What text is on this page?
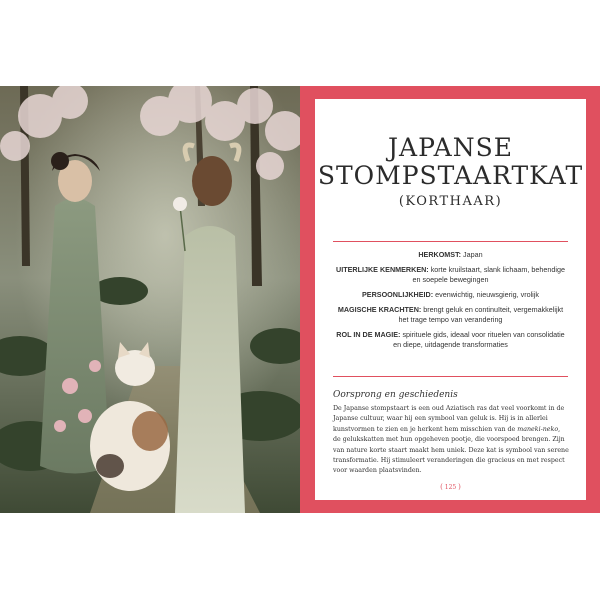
JAPANSE
STOMPSTAARTKAT
(KORTHAAR)
HERKOMST: Japan
UITERLIJKE KENMERKEN: korte kruilstaart, slank lichaam, behendige en soepele bewegingen
PERSOONLIJKHEID: evenwichtig, nieuwsgierig, vrolijk
MAGISCHE KRACHTEN: brengt geluk en continuïteit, vergemakkelijkt het trage tempo van verandering
ROL IN DE MAGIE: spirituele gids, ideaal voor rituelen van consolidatie en diepe, uitdagende transformaties
Oorsprong en geschiedenis
De Japanse stompstaart is een oud Aziatisch ras dat veel voorkomt in de Japanse cultuur, waar hij een symbool van geluk is. Hij is in allerlei kunstvormen te zien en je herkent hem misschien van de maneki-neko, de gelukskatten met hun opgeheven pootje, die voorspoed brengen. Zijn van nature korte staart maakt hem uniek. Deze kat is symbool van serene transformatie. Hij stimuleert veranderingen die gracieus en met respect voor waarden plaatsvinden.
( 125 )
